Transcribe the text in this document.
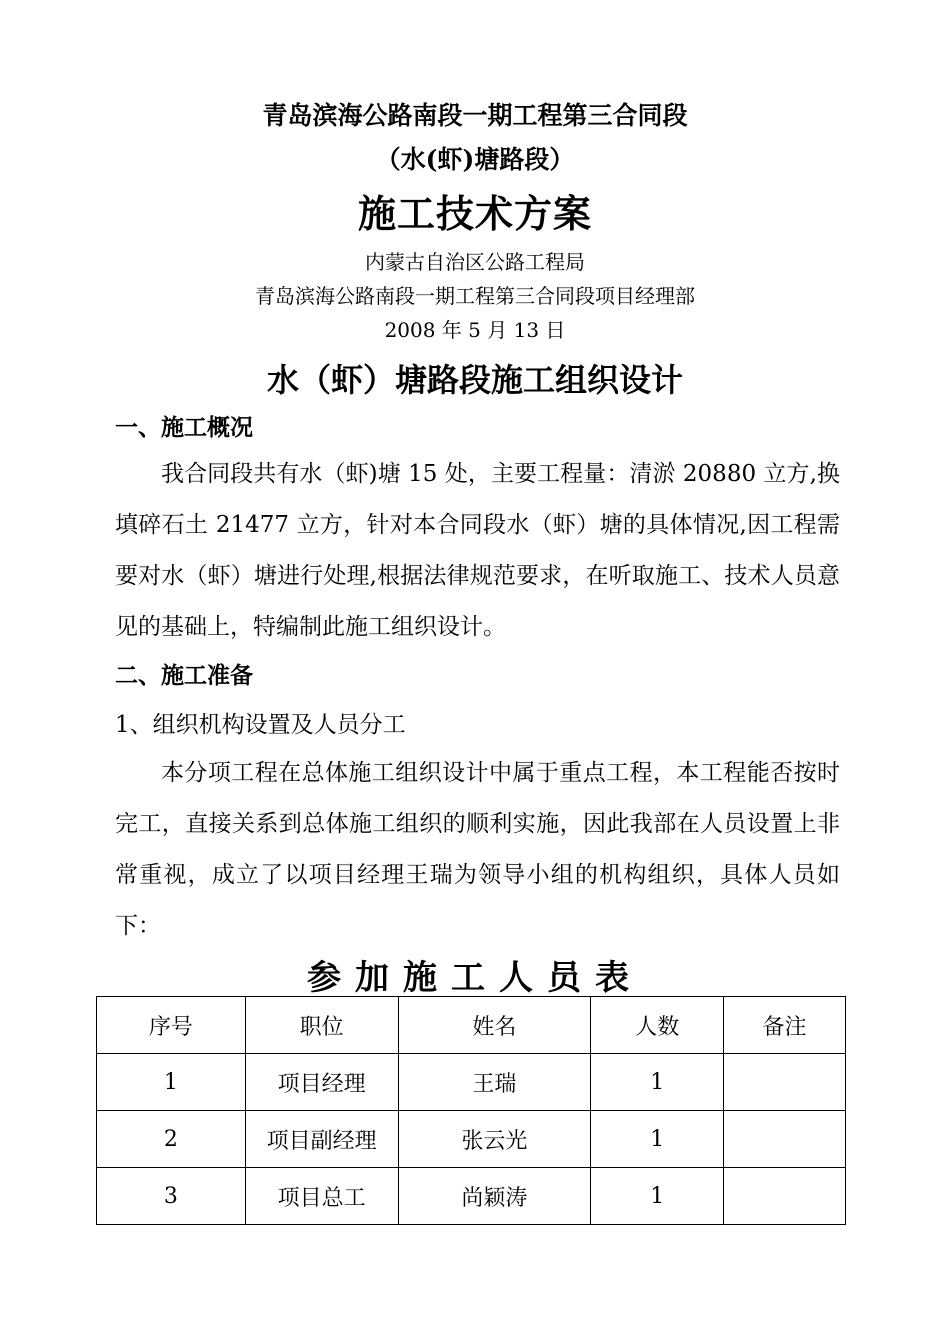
青岛滨海公路南段一期工程第三合同段
（水(虾)塘路段）
施工技术方案
内蒙古自治区公路工程局
青岛滨海公路南段一期工程第三合同段项目经理部
2008 年 5 月 13 日
水（虾）塘路段施工组织设计
一、施工概况

我合同段共有水（虾)塘 15 处，主要工程量：清淤 20880 立方,换填碎石土 21477 立方，针对本合同段水（虾）塘的具体情况,因工程需要对水（虾）塘进行处理,根据法律规范要求，在听取施工、技术人员意见的基础上，特编制此施工组织设计。

二、施工准备
1、组织机构设置及人员分工

本分项工程在总体施工组织设计中属于重点工程，本工程能否按时完工，直接关系到总体施工组织的顺利实施，因此我部在人员设置上非常重视，成立了以项目经理王瑞为领导小组的机构组织，具体人员如下：

参加施工人员表
序号	职位	姓名	人数	备注
1	项目经理	王瑞	1	
2	项目副经理	张云光	1	
3	项目总工	尚颖涛	1	
